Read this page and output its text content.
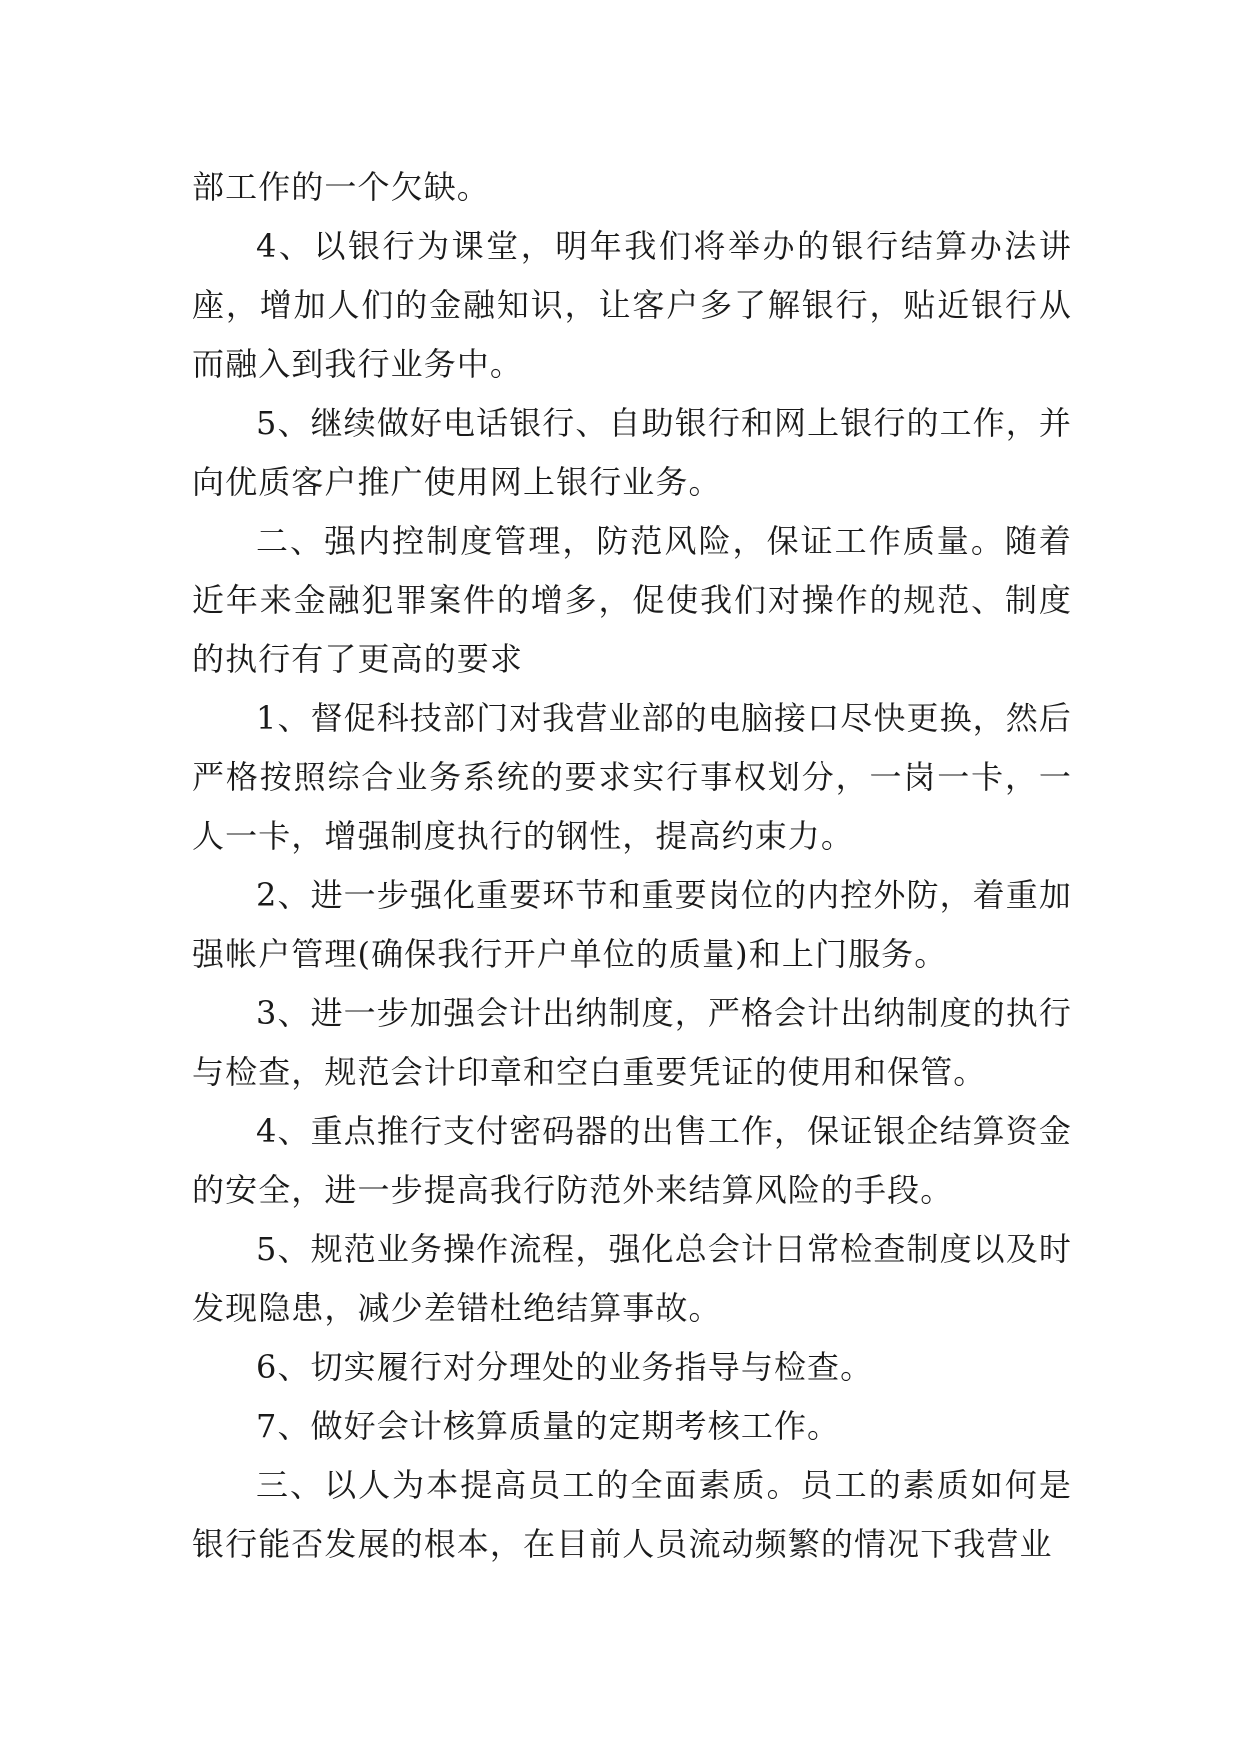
部工作的一个欠缺。

4、以银行为课堂，明年我们将举办的银行结算办法讲座，增加人们的金融知识，让客户多了解银行，贴近银行从而融入到我行业务中。

5、继续做好电话银行、自助银行和网上银行的工作，并向优质客户推广使用网上银行业务。

二、强内控制度管理，防范风险，保证工作质量。随着近年来金融犯罪案件的增多，促使我们对操作的规范、制度的执行有了更高的要求

1、督促科技部门对我营业部的电脑接口尽快更换，然后严格按照综合业务系统的要求实行事权划分，一岗一卡，一人一卡，增强制度执行的钢性，提高约束力。

2、进一步强化重要环节和重要岗位的内控外防，着重加强帐户管理(确保我行开户单位的质量)和上门服务。

3、进一步加强会计出纳制度，严格会计出纳制度的执行与检查，规范会计印章和空白重要凭证的使用和保管。

4、重点推行支付密码器的出售工作，保证银企结算资金的安全，进一步提高我行防范外来结算风险的手段。

5、规范业务操作流程，强化总会计日常检查制度以及时发现隐患，减少差错杜绝结算事故。

6、切实履行对分理处的业务指导与检查。

7、做好会计核算质量的定期考核工作。

三、以人为本提高员工的全面素质。员工的素质如何是银行能否发展的根本，在目前人员流动频繁的情况下我营业
